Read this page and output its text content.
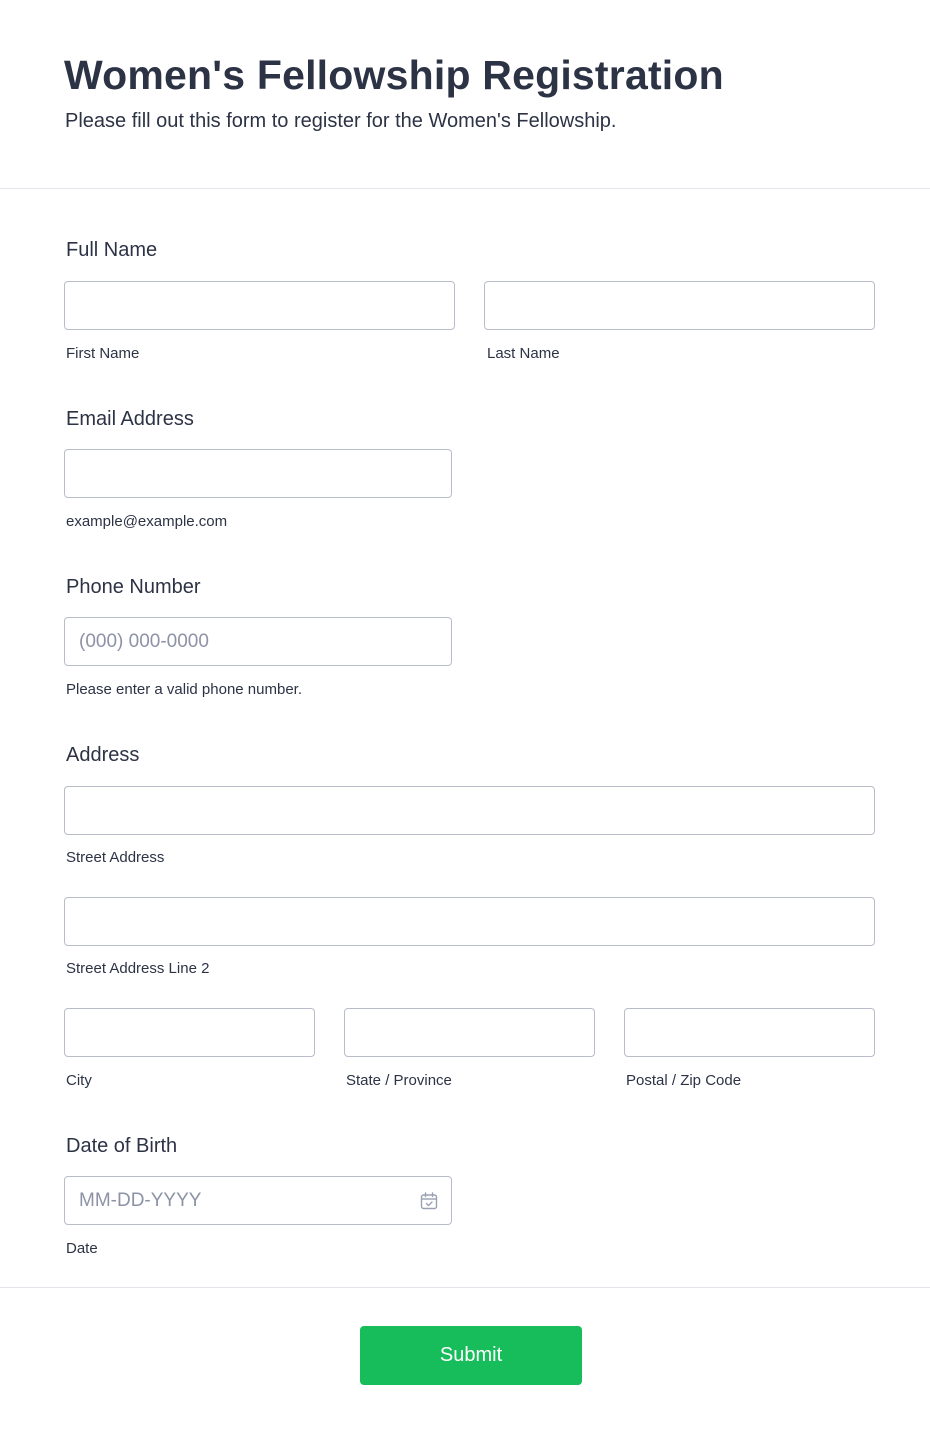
Women's Fellowship Registration
Please fill out this form to register for the Women's Fellowship.
Full Name
First Name	Last Name
Email Address
example@example.com
Phone Number
(000) 000-0000
Please enter a valid phone number.
Address
Street Address
Street Address Line 2
City	State / Province	Postal / Zip Code
Date of Birth
MM-DD-YYYY
Date
Submit
